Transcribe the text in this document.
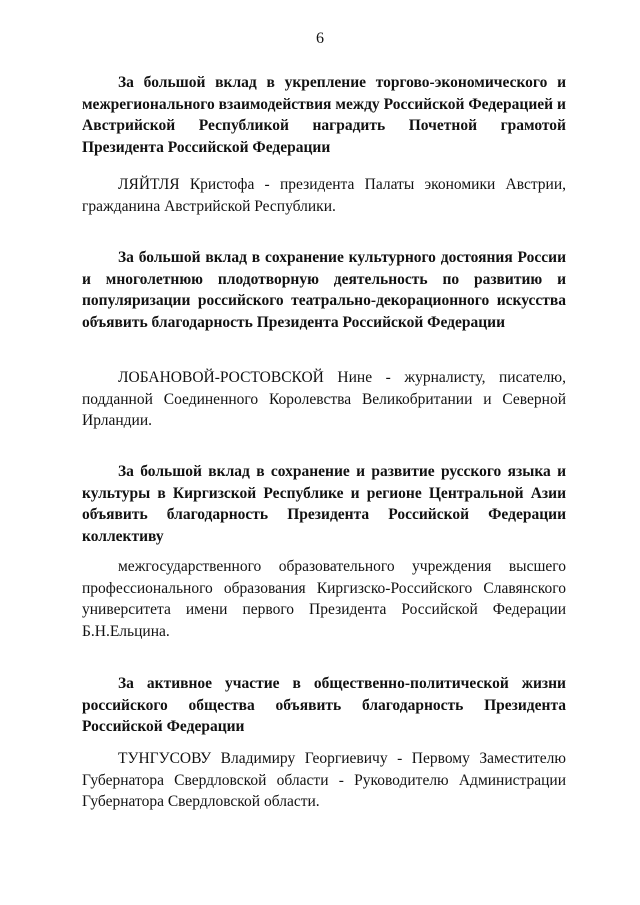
6

За большой вклад в укрепление торгово-экономического и межрегионального взаимодействия между Российской Федерацией и Австрийской Республикой наградить Почетной грамотой Президента Российской Федерации

ЛЯЙТЛЯ Кристофа - президента Палаты экономики Австрии, гражданина Австрийской Республики.

За большой вклад в сохранение культурного достояния России и многолетнюю плодотворную деятельность по развитию и популяризации российского театрально-декорационного искусства объявить благодарность Президента Российской Федерации

ЛОБАНОВОЙ-РОСТОВСКОЙ Нине - журналисту, писателю, подданной Соединенного Королевства Великобритании и Северной Ирландии.

За большой вклад в сохранение и развитие русского языка и культуры в Киргизской Республике и регионе Центральной Азии объявить благодарность Президента Российской Федерации коллективу

межгосударственного образовательного учреждения высшего профессионального образования Киргизско-Российского Славянского университета имени первого Президента Российской Федерации Б.Н.Ельцина.

За активное участие в общественно-политической жизни российского общества объявить благодарность Президента Российской Федерации

ТУНГУСОВУ Владимиру Георгиевичу - Первому Заместителю Губернатора Свердловской области - Руководителю Администрации Губернатора Свердловской области.
